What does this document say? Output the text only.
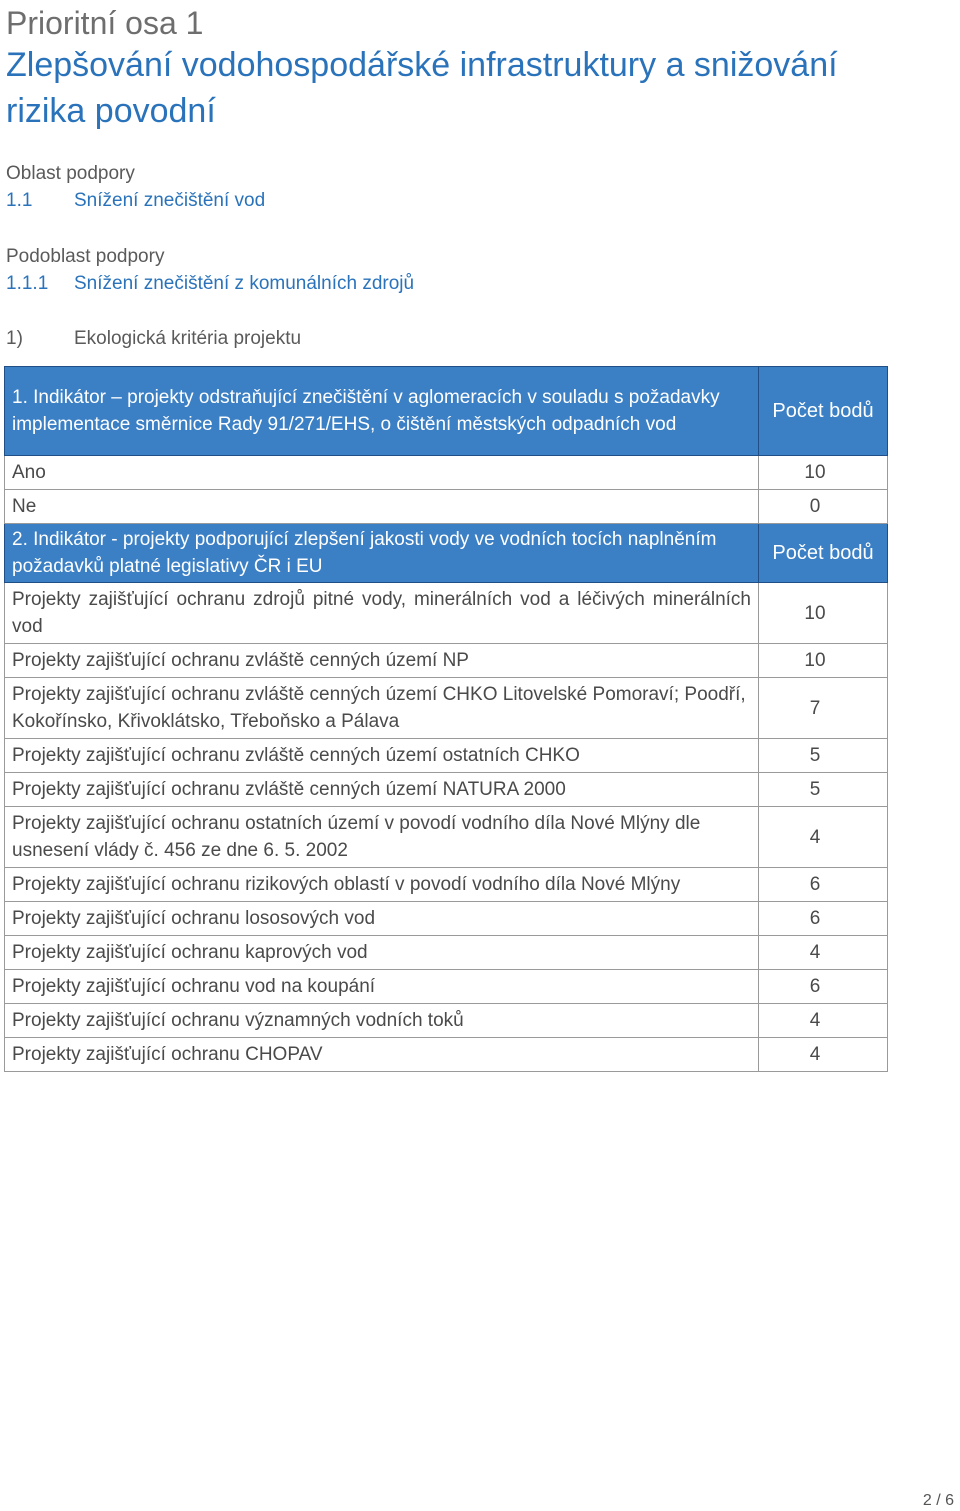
Prioritní osa 1
Zlepšování vodohospodářské infrastruktury a snižování rizika povodní
Oblast podpory
1.1 Snížení znečištění vod
Podoblast podpory
1.1.1 Snížení znečištění z komunálních zdrojů
1)	Ekologická kritéria projektu
1. Indikátor – projekty odstraňující znečištění v aglomeracích v souladu s požadavky implementace směrnice Rady 91/271/EHS, o čištění městských odpadních vod	Počet bodů
Ano	10
Ne	0
2. Indikátor - projekty podporující zlepšení jakosti vody ve vodních tocích naplněním požadavků platné legislativy ČR i EU	Počet bodů
Projekty zajišťující ochranu zdrojů pitné vody, minerálních vod a léčivých minerálních vod	10
Projekty zajišťující ochranu zvláště cenných území NP	10
Projekty zajišťující ochranu zvláště cenných území CHKO Litovelské Pomoraví; Poodří, Kokořínsko, Křivoklátsko, Třeboňsko a Pálava	7
Projekty zajišťující ochranu zvláště cenných území ostatních CHKO	5
Projekty zajišťující ochranu zvláště cenných území NATURA 2000	5
Projekty zajišťující ochranu ostatních území v povodí vodního díla Nové Mlýny dle usnesení vlády č. 456 ze dne 6. 5. 2002	4
Projekty zajišťující ochranu rizikových oblastí v povodí vodního díla Nové Mlýny	6
Projekty zajišťující ochranu lososových vod	6
Projekty zajišťující ochranu kaprových vod	4
Projekty zajišťující ochranu vod na koupání	6
Projekty zajišťující ochranu významných vodních toků	4
Projekty zajišťující ochranu CHOPAV	4
2 / 6
